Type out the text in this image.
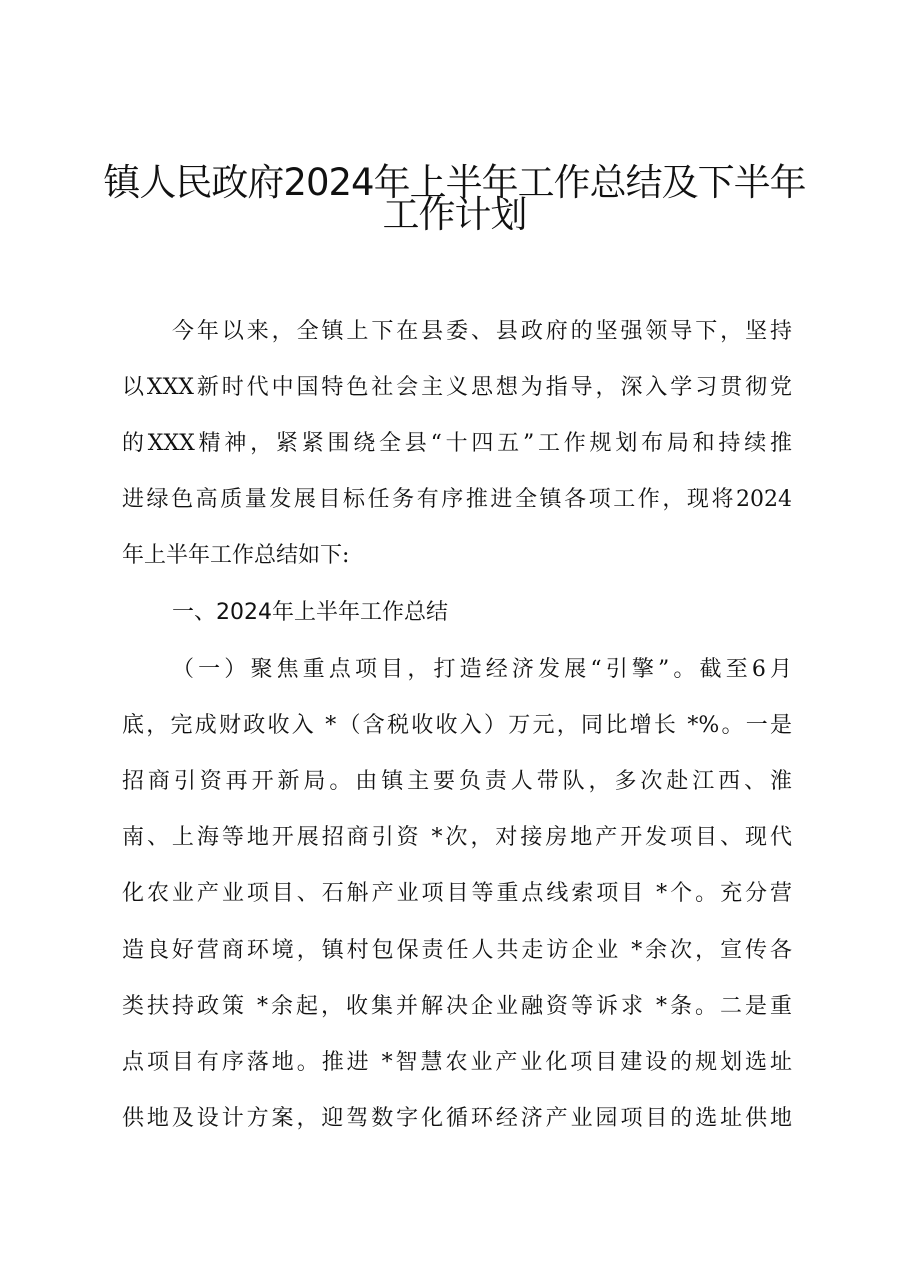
镇人民政府2024年上半年工作总结及下半年
工作计划
今年以来，全镇上下在县委、县政府的坚强领导下，坚持
以XXX新时代中国特色社会主义思想为指导，深入学习贯彻党
的XXX精神，紧紧围绕全县“十四五”工作规划布局和持续推
进绿色高质量发展目标任务有序推进全镇各项工作，现将2024
年上半年工作总结如下:
一、2024年上半年工作总结
（一）聚焦重点项目，打造经济发展“引擎”。截至6月
底，完成财政收入 *（含税收收入）万元，同比增长 *%。一是
招商引资再开新局。由镇主要负责人带队，多次赴江西、淮
南、上海等地开展招商引资 *次，对接房地产开发项目、现代
化农业产业项目、石斛产业项目等重点线索项目 *个。充分营
造良好营商环境，镇村包保责任人共走访企业 *余次，宣传各
类扶持政策 *余起，收集并解决企业融资等诉求 *条。二是重
点项目有序落地。推进 *智慧农业产业化项目建设的规划选址
供地及设计方案，迎驾数字化循环经济产业园项目的选址供地
